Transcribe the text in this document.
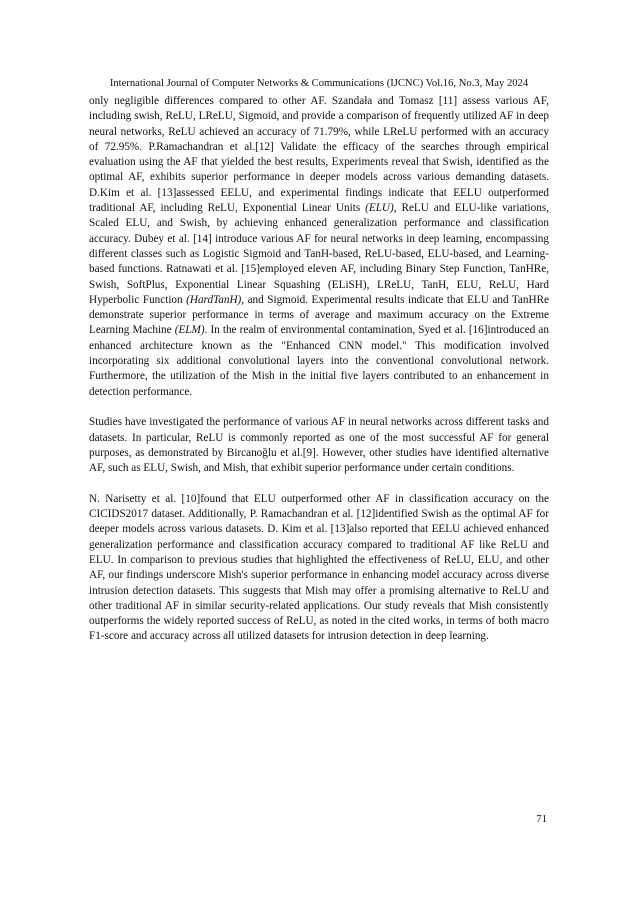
International Journal of Computer Networks & Communications (IJCNC) Vol.16, No.3, May 2024

only negligible differences compared to other AF. Szandała and Tomasz [11] assess various AF, including swish, ReLU, LReLU, Sigmoid, and provide a comparison of frequently utilized AF in deep neural networks, ReLU achieved an accuracy of 71.79%, while LReLU performed with an accuracy of 72.95%. P.Ramachandran et al.[12] Validate the efficacy of the searches through empirical evaluation using the AF that yielded the best results, Experiments reveal that Swish, identified as the optimal AF, exhibits superior performance in deeper models across various demanding datasets. D.Kim et al. [13]assessed EELU, and experimental findings indicate that EELU outperformed traditional AF, including ReLU, Exponential Linear Units (ELU), ReLU and ELU-like variations, Scaled ELU, and Swish, by achieving enhanced generalization performance and classification accuracy. Dubey et al. [14] introduce various AF for neural networks in deep learning, encompassing different classes such as Logistic Sigmoid and TanH-based, ReLU-based, ELU-based, and Learning-based functions. Ratnawati et al. [15]employed eleven AF, including Binary Step Function, TanHRe, Swish, SoftPlus, Exponential Linear Squashing (ELiSH), LReLU, TanH, ELU, ReLU, Hard Hyperbolic Function (HardTanH), and Sigmoid. Experimental results indicate that ELU and TanHRe demonstrate superior performance in terms of average and maximum accuracy on the Extreme Learning Machine (ELM). In the realm of environmental contamination, Syed et al. [16]introduced an enhanced architecture known as the "Enhanced CNN model." This modification involved incorporating six additional convolutional layers into the conventional convolutional network. Furthermore, the utilization of the Mish in the initial five layers contributed to an enhancement in detection performance.

Studies have investigated the performance of various AF in neural networks across different tasks and datasets. In particular, ReLU is commonly reported as one of the most successful AF for general purposes, as demonstrated by Bircanoğlu et al.[9]. However, other studies have identified alternative AF, such as ELU, Swish, and Mish, that exhibit superior performance under certain conditions.

N. Narisetty et al. [10]found that ELU outperformed other AF in classification accuracy on the CICIDS2017 dataset. Additionally, P. Ramachandran et al. [12]identified Swish as the optimal AF for deeper models across various datasets. D. Kim et al. [13]also reported that EELU achieved enhanced generalization performance and classification accuracy compared to traditional AF like ReLU and ELU. In comparison to previous studies that highlighted the effectiveness of ReLU, ELU, and other AF, our findings underscore Mish's superior performance in enhancing model accuracy across diverse intrusion detection datasets. This suggests that Mish may offer a promising alternative to ReLU and other traditional AF in similar security-related applications. Our study reveals that Mish consistently outperforms the widely reported success of ReLU, as noted in the cited works, in terms of both macro F1-score and accuracy across all utilized datasets for intrusion detection in deep learning.

71
